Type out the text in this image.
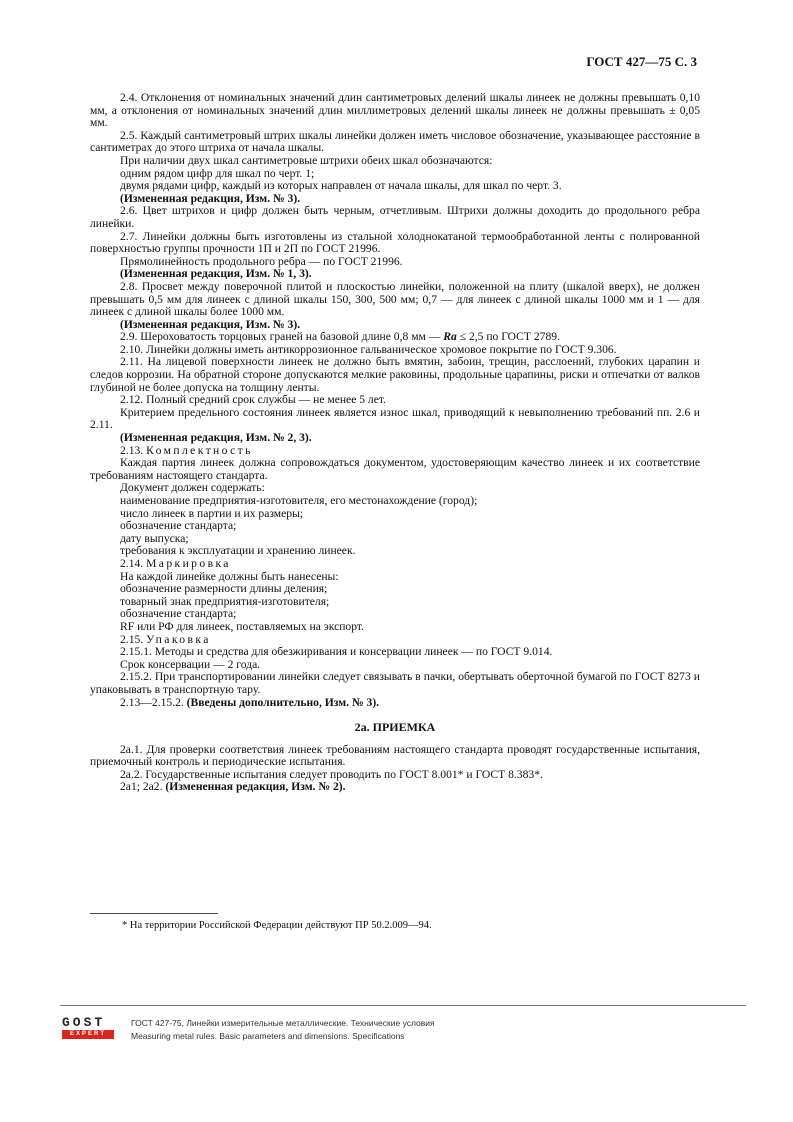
ГОСТ 427—75 С. 3

2.4. Отклонения от номинальных значений длин сантиметровых делений шкалы линеек не должны превышать 0,10 мм, а отклонения от номинальных значений длин миллиметровых делений шкалы линеек не должны превышать ± 0,05 мм.

2.5. Каждый сантиметровый штрих шкалы линейки должен иметь числовое обозначение, указывающее расстояние в сантиметрах до этого штриха от начала шкалы.

При наличии двух шкал сантиметровые штрихи обеих шкал обозначаются:

одним рядом цифр для шкал по черт. 1;

двумя рядами цифр, каждый из которых направлен от начала шкалы, для шкал по черт. 3.

(Измененная редакция, Изм. № 3).

2.6. Цвет штрихов и цифр должен быть черным, отчетливым. Штрихи должны доходить до продольного ребра линейки.

2.7. Линейки должны быть изготовлены из стальной холоднокатаной термообработанной ленты с полированной поверхностью группы прочности 1П и 2П по ГОСТ 21996.

Прямолинейность продольного ребра — по ГОСТ 21996.

(Измененная редакция, Изм. № 1, 3).

2.8. Просвет между поверочной плитой и плоскостью линейки, положенной на плиту (шкалой вверх), не должен превышать 0,5 мм для линеек с длиной шкалы 150, 300, 500 мм; 0,7 — для линеек с длиной шкалы 1000 мм и 1 — для линеек с длиной шкалы более 1000 мм.

(Измененная редакция, Изм. № 3).

2.9. Шероховатость торцовых граней на базовой длине 0,8 мм — Ra ≤ 2,5 по ГОСТ 2789.

2.10. Линейки должны иметь антикоррозионное гальваническое хромовое покрытие по ГОСТ 9.306.

2.11. На лицевой поверхности линеек не должно быть вмятин, забоин, трещин, расслоений, глубоких царапин и следов коррозии. На обратной стороне допускаются мелкие раковины, продольные царапины, риски и отпечатки от валков глубиной не более допуска на толщину ленты.

2.12. Полный средний срок службы — не менее 5 лет.

Критерием предельного состояния линеек является износ шкал, приводящий к невыполнению требований пп. 2.6 и 2.11.

(Измененная редакция, Изм. № 2, 3).

2.13. Комплектность

Каждая партия линеек должна сопровождаться документом, удостоверяющим качество линеек и их соответствие требованиям настоящего стандарта.

Документ должен содержать:

наименование предприятия-изготовителя, его местонахождение (город);

число линеек в партии и их размеры;

обозначение стандарта;

дату выпуска;

требования к эксплуатации и хранению линеек.

2.14. Маркировка

На каждой линейке должны быть нанесены:

обозначение размерности длины деления;

товарный знак предприятия-изготовителя;

обозначение стандарта;

RF или РФ для линеек, поставляемых на экспорт.

2.15. Упаковка

2.15.1. Методы и средства для обезжиривания и консервации линеек — по ГОСТ 9.014.

Срок консервации — 2 года.

2.15.2. При транспортировании линейки следует связывать в пачки, обертывать оберточной бумагой по ГОСТ 8273 и упаковывать в транспортную тару.

2.13—2.15.2. (Введены дополнительно, Изм. № 3).

2а. ПРИЕМКА

2а.1. Для проверки соответствия линеек требованиям настоящего стандарта проводят государственные испытания, приемочный контроль и периодические испытания.

2а.2. Государственные испытания следует проводить по ГОСТ 8.001* и ГОСТ 8.383*.

2а1; 2а2. (Измененная редакция, Изм. № 2).

* На территории Российской Федерации действуют ПР 50.2.009—94.
GOST
EXPERT
ГОСТ 427-75, Линейки измерительные металлические. Технические условия
Measuring metal rules. Basic parameters and dimensions. Specifications
